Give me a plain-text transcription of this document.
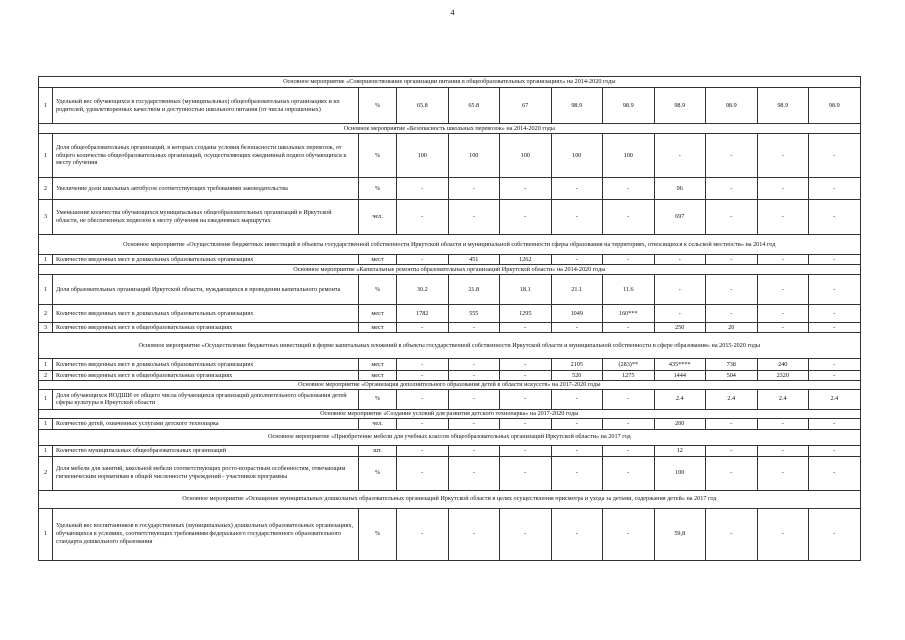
4
Основное мероприятие «Совершенствование организации питания в общеобразовательных организациях» на 2014-2020 годы											
1	Удельный вес обучающихся в государственных (муниципальных) общеобразовательных организациях и их родителей, удовлетворенных качеством и доступностью школьного питания (от числа опрошенных)	%	65.8	65.8	67	98.9	98.9	98.9	98.9	98.9	98.9
Основное мероприятие «Безопасность школьных перевозок» на 2014-2020 годы											
1	Доля общеобразовательных организаций, в которых созданы условия безопасности школьных перевозок, от общего количества общеобразовательных организаций, осуществляющих ежедневный подвоз обучающихся к месту обучения	%	100	100	100	100	100	-	-	-	-
2	Увеличение доли школьных автобусов соответствующих требованиям законодательства	%	-	-	-	-	-	96	-	-	-
3	Уменьшение количества обучающихся муниципальных общеобразовательных организаций в Иркутской области, не обеспеченных подвозом к месту обучения на ежедневных маршрутах	чел.	-	-	-	-	-	697	-	-	-
Основное мероприятие «Осуществление бюджетных инвестиций в объекты государственной собственности Иркутской области и муниципальной собственности сферы образования на территориях, относящихся к сельской местности» на 2014 год											
1	Количество введенных мест в дошкольных образовательных организациях	мест	-	451	1262	-	-	-	-	-	-
Основное мероприятие «Капитальные ремонты образовательных организаций Иркутской области» на 2014-2020 годы											
1	Доля образовательных организаций Иркутской области, нуждающихся в проведении капитального ремонта	%	30.2	21.8	18.1	21.1	11.6	-	-	-	-
2	Количество введенных мест в дошкольных образовательных организациях	мест	1782	555	1295	1049	160***	-	-	-	-
3	Количество введенных мест в общеобразовательных организациях	мест	-	-	-	-	-	250	20	-	-
Основное мероприятие «Осуществление бюджетных инвестиций в форме капитальных вложений в объекты государственной собственности Иркутской области и муниципальной собственности в сфере образования» на 2015-2020 годы											
1	Количество введенных мест в дошкольных образовательных организациях	мест	-	-	-	2105	(283)**	435****	738	240	-
2	Количество введенных мест в общеобразовательных организациях	мест	-	-	-	520	1275	1444	504	2320	-
Основное мероприятие «Организация дополнительного образования детей в области искусств» на 2017-2020 годы											
1	Доля обучающихся ИОДШИ от общего числа обучающихся организаций дополнительного образования детей сферы культуры в Иркутской области	%	-	-	-	-	-	2.4	2.4	2.4	2.4
Основное мероприятие «Создание условий для развития детского технопарка» на 2017-2020 годы											
1	Количество детей, охваченных услугами детского технопарка	чел.	-	-	-	-	-	200	-	-	-
Основное мероприятие «Приобретение мебели для учебных классов общеобразовательных организаций Иркутской области» на 2017 год											
1	Количество муниципальных общеобразовательных организаций	шт.	-	-	-	-	-	12	-	-	-
2	Доля мебели для занятий, школьной мебели соответствующих росто-возрастным особенностям, отвечающим гигиеническим нормативам в общей численности учреждений - участников программы	%	-	-	-	-	-	100	-	-	-
Основное мероприятие «Оснащение муниципальных дошкольных образовательных организаций Иркутской области в целях осуществления присмотра и ухода за детьми, содержания детей» на 2017 год											
1	Удельный вес воспитанников в государственных (муниципальных) дошкольных образовательных организациях, обучающихся в условиях, соответствующих требованиям федерального государственного образовательного стандарта дошкольного образования	%	-	-	-	-	-	59,8	-	-	-
